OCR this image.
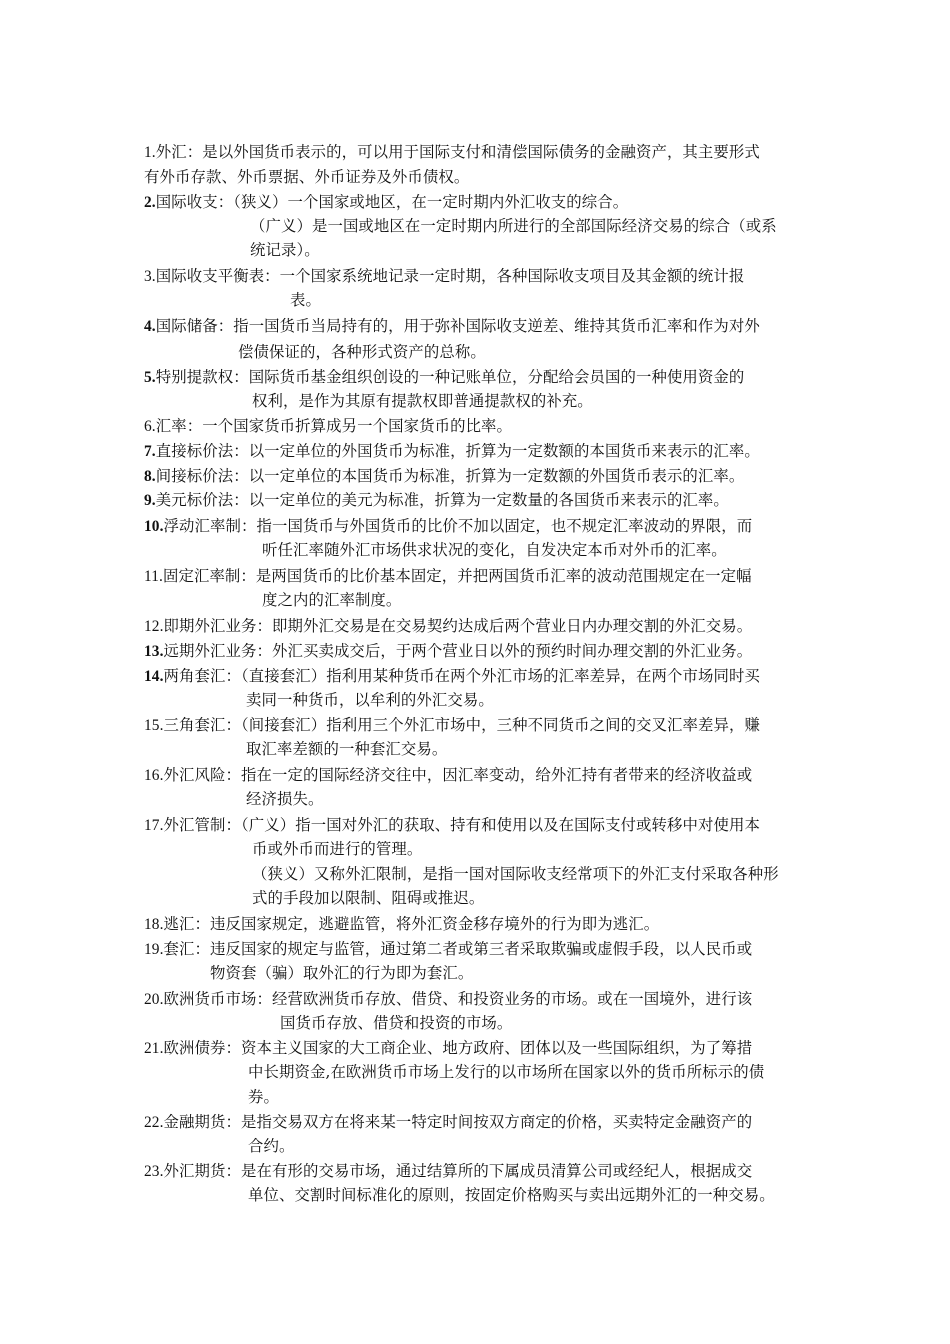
1.外汇：是以外国货币表示的，可以用于国际支付和清偿国际债务的金融资产，其主要形式
有外币存款、外币票据、外币证券及外币债权。
2.国际收支：（狭义）一个国家或地区，在一定时期内外汇收支的综合。
（广义）是一国或地区在一定时期内所进行的全部国际经济交易的综合（或系
统记录）。
3.国际收支平衡表：一个国家系统地记录一定时期，各种国际收支项目及其金额的统计报
表。
4.国际储备：指一国货币当局持有的，用于弥补国际收支逆差、维持其货币汇率和作为对外
偿债保证的，各种形式资产的总称。
5.特别提款权：国际货币基金组织创设的一种记账单位，分配给会员国的一种使用资金的
权利，是作为其原有提款权即普通提款权的补充。
6.汇率：一个国家货币折算成另一个国家货币的比率。
7.直接标价法：以一定单位的外国货币为标准，折算为一定数额的本国货币来表示的汇率。
8.间接标价法：以一定单位的本国货币为标准，折算为一定数额的外国货币表示的汇率。
9.美元标价法：以一定单位的美元为标准，折算为一定数量的各国货币来表示的汇率。
10.浮动汇率制：指一国货币与外国货币的比价不加以固定，也不规定汇率波动的界限，而
听任汇率随外汇市场供求状况的变化，自发决定本币对外币的汇率。
11.固定汇率制：是两国货币的比价基本固定，并把两国货币汇率的波动范围规定在一定幅
度之内的汇率制度。
12.即期外汇业务：即期外汇交易是在交易契约达成后两个营业日内办理交割的外汇交易。
13.远期外汇业务：外汇买卖成交后，于两个营业日以外的预约时间办理交割的外汇业务。
14.两角套汇：（直接套汇）指利用某种货币在两个外汇市场的汇率差异，在两个市场同时买
卖同一种货币，以牟利的外汇交易。
15.三角套汇：（间接套汇）指利用三个外汇市场中，三种不同货币之间的交叉汇率差异，赚
取汇率差额的一种套汇交易。
16.外汇风险：指在一定的国际经济交往中，因汇率变动，给外汇持有者带来的经济收益或
经济损失。
17.外汇管制：（广义）指一国对外汇的获取、持有和使用以及在国际支付或转移中对使用本
币或外币而进行的管理。
（狭义）又称外汇限制，是指一国对国际收支经常项下的外汇支付采取各种形
式的手段加以限制、阻碍或推迟。
18.逃汇：违反国家规定，逃避监管，将外汇资金移存境外的行为即为逃汇。
19.套汇：违反国家的规定与监管，通过第二者或第三者采取欺骗或虚假手段，以人民币或
物资套（骗）取外汇的行为即为套汇。
20.欧洲货币市场：经营欧洲货币存放、借贷、和投资业务的市场。或在一国境外，进行该
国货币存放、借贷和投资的市场。
21.欧洲债券：资本主义国家的大工商企业、地方政府、团体以及一些国际组织，为了筹措
中长期资金,在欧洲货币市场上发行的以市场所在国家以外的货币所标示的债
券。
22.金融期货：是指交易双方在将来某一特定时间按双方商定的价格，买卖特定金融资产的
合约。
23.外汇期货：是在有形的交易市场，通过结算所的下属成员清算公司或经纪人，根据成交
单位、交割时间标准化的原则，按固定价格购买与卖出远期外汇的一种交易。
